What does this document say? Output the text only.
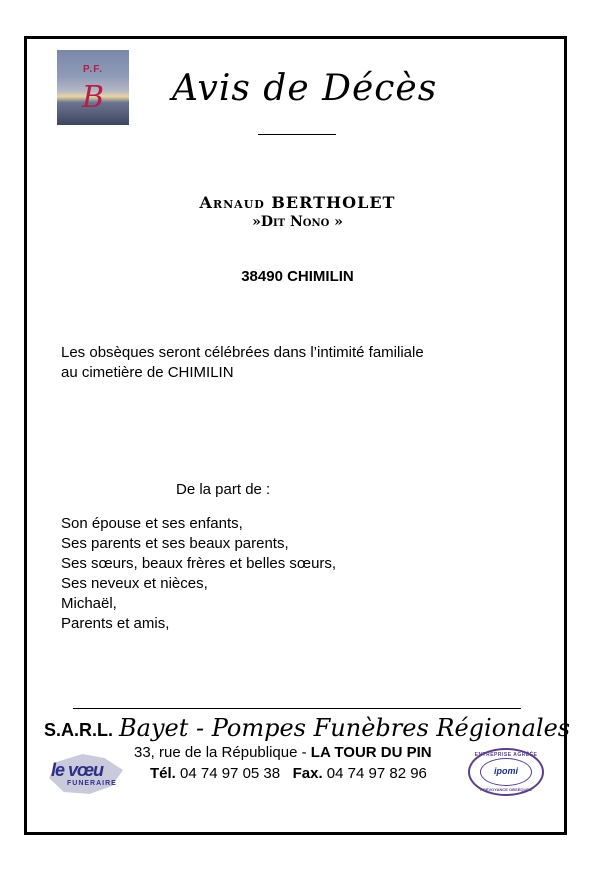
P.F.
B	Avis de Décès
Arnaud BERTHOLET
»Dit Nono »
38490 CHIMILIN
Les obsèques seront célébrées dans l’intimité familiale
au cimetière de CHIMILIN
De la part de :
Son épouse et ses enfants,
Ses parents et ses beaux parents,
Ses sœurs, beaux frères et belles sœurs,
Ses neveux et nièces,
Michaël,
Parents et amis,
S.A.R.L. Bayet - Pompes Funèbres Régionales
33, rue de la République - LA TOUR DU PIN
Tél. 04 74 97 05 38 Fax. 04 74 97 82 96
le vœu
FUNERAIRE
ENTREPRISE AGRÉÉE
ipomi
PRÉVOYANCE OBSÈQUES
